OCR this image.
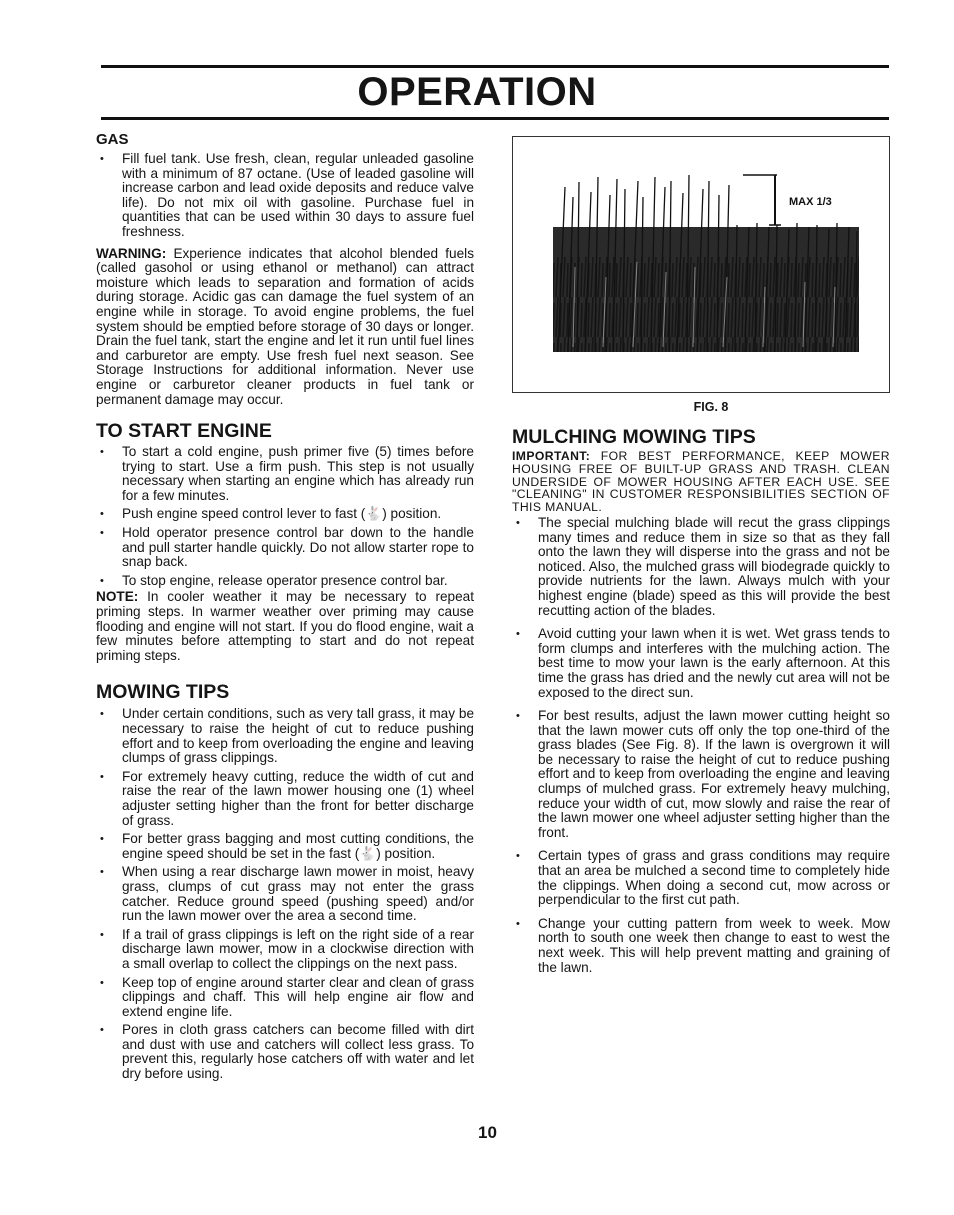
OPERATION
GAS
• Fill fuel tank. Use fresh, clean, regular unleaded gasoline with a minimum of 87 octane. (Use of leaded gasoline will increase carbon and lead oxide deposits and reduce valve life). Do not mix oil with gasoline. Purchase fuel in quantities that can be used within 30 days to assure fuel freshness.

WARNING: Experience indicates that alcohol blended fuels (called gasohol or using ethanol or methanol) can attract moisture which leads to separation and formation of acids during storage. Acidic gas can damage the fuel system of an engine while in storage. To avoid engine problems, the fuel system should be emptied before storage of 30 days or longer. Drain the fuel tank, start the engine and let it run until fuel lines and carburetor are empty. Use fresh fuel next season. See Storage Instructions for additional information. Never use engine or carburetor cleaner products in fuel tank or permanent damage may occur.

TO START ENGINE
• To start a cold engine, push primer five (5) times before trying to start. Use a firm push. This step is not usually necessary when starting an engine which has already run for a few minutes.
• Push engine speed control lever to fast (🐇) position.
• Hold operator presence control bar down to the handle and pull starter handle quickly. Do not allow starter rope to snap back.
• To stop engine, release operator presence control bar.

NOTE: In cooler weather it may be necessary to repeat priming steps. In warmer weather over priming may cause flooding and engine will not start. If you do flood engine, wait a few minutes before attempting to start and do not repeat priming steps.

MOWING TIPS
• Under certain conditions, such as very tall grass, it may be necessary to raise the height of cut to reduce pushing effort and to keep from overloading the engine and leaving clumps of grass clippings.
• For extremely heavy cutting, reduce the width of cut and raise the rear of the lawn mower housing one (1) wheel adjuster setting higher than the front for better discharge of grass.
• For better grass bagging and most cutting conditions, the engine speed should be set in the fast (🐇) position.
• When using a rear discharge lawn mower in moist, heavy grass, clumps of cut grass may not enter the grass catcher. Reduce ground speed (pushing speed) and/or run the lawn mower over the area a second time.
• If a trail of grass clippings is left on the right side of a rear discharge lawn mower, mow in a clockwise direction with a small overlap to collect the clippings on the next pass.
• Keep top of engine around starter clear and clean of grass clippings and chaff. This will help engine air flow and extend engine life.
• Pores in cloth grass catchers can become filled with dirt and dust with use and catchers will collect less grass. To prevent this, regularly hose catchers off with water and let dry before using.
MAX 1/3
FIG. 8
MULCHING MOWING TIPS

IMPORTANT: FOR BEST PERFORMANCE, KEEP MOWER HOUSING FREE OF BUILT-UP GRASS AND TRASH. CLEAN UNDERSIDE OF MOWER HOUSING AFTER EACH USE. SEE "CLEANING" IN CUSTOMER RESPONSIBILITIES SECTION OF THIS MANUAL.

• The special mulching blade will recut the grass clippings many times and reduce them in size so that as they fall onto the lawn they will disperse into the grass and not be noticed. Also, the mulched grass will biodegrade quickly to provide nutrients for the lawn. Always mulch with your highest engine (blade) speed as this will provide the best recutting action of the blades.
• Avoid cutting your lawn when it is wet. Wet grass tends to form clumps and interferes with the mulching action. The best time to mow your lawn is the early afternoon. At this time the grass has dried and the newly cut area will not be exposed to the direct sun.
• For best results, adjust the lawn mower cutting height so that the lawn mower cuts off only the top one-third of the grass blades (See Fig. 8). If the lawn is overgrown it will be necessary to raise the height of cut to reduce pushing effort and to keep from overloading the engine and leaving clumps of mulched grass. For extremely heavy mulching, reduce your width of cut, mow slowly and raise the rear of the lawn mower one wheel adjuster setting higher than the front.
• Certain types of grass and grass conditions may require that an area be mulched a second time to completely hide the clippings. When doing a second cut, mow across or perpendicular to the first cut path.
• Change your cutting pattern from week to week. Mow north to south one week then change to east to west the next week. This will help prevent matting and graining of the lawn.
10
